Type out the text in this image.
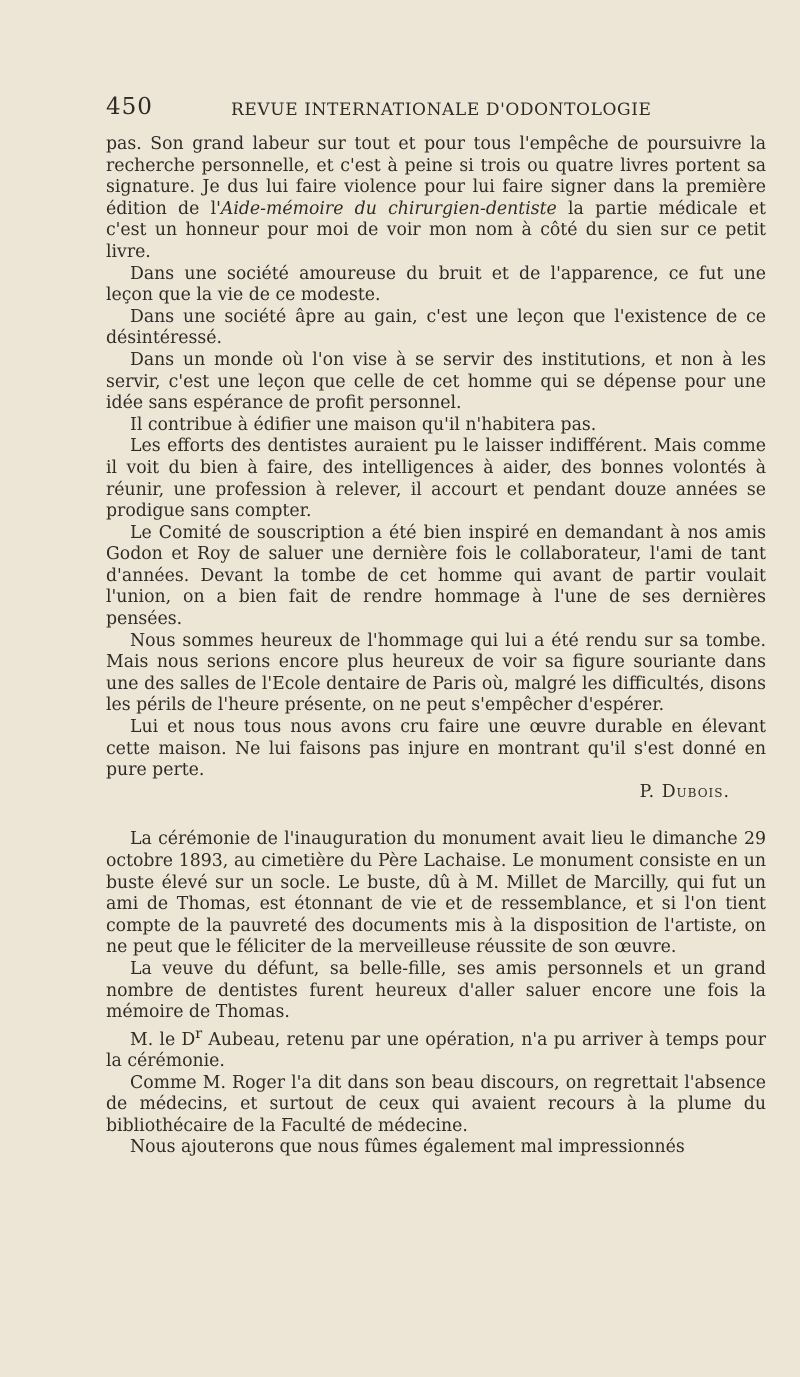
450	REVUE INTERNATIONALE D'ODONTOLOGIE

pas. Son grand labeur sur tout et pour tous l'empêche de poursuivre la recherche personnelle, et c'est à peine si trois ou quatre livres portent sa signature. Je dus lui faire violence pour lui faire signer dans la première édition de l'Aide-mémoire du chirurgien-dentiste la partie médicale et c'est un honneur pour moi de voir mon nom à côté du sien sur ce petit livre.

Dans une société amoureuse du bruit et de l'apparence, ce fut une leçon que la vie de ce modeste.

Dans une société âpre au gain, c'est une leçon que l'existence de ce désintéressé.

Dans un monde où l'on vise à se servir des institutions, et non à les servir, c'est une leçon que celle de cet homme qui se dépense pour une idée sans espérance de profit personnel.

Il contribue à édifier une maison qu'il n'habitera pas.

Les efforts des dentistes auraient pu le laisser indifférent. Mais comme il voit du bien à faire, des intelligences à aider, des bonnes volontés à réunir, une profession à relever, il accourt et pendant douze années se prodigue sans compter.

Le Comité de souscription a été bien inspiré en demandant à nos amis Godon et Roy de saluer une dernière fois le collaborateur, l'ami de tant d'années. Devant la tombe de cet homme qui avant de partir voulait l'union, on a bien fait de rendre hommage à l'une de ses dernières pensées.

Nous sommes heureux de l'hommage qui lui a été rendu sur sa tombe. Mais nous serions encore plus heureux de voir sa figure souriante dans une des salles de l'Ecole dentaire de Paris où, malgré les difficultés, disons les périls de l'heure présente, on ne peut s'empêcher d'espérer.

Lui et nous tous nous avons cru faire une œuvre durable en élevant cette maison. Ne lui faisons pas injure en montrant qu'il s'est donné en pure perte.

P. Dubois.

La cérémonie de l'inauguration du monument avait lieu le dimanche 29 octobre 1893, au cimetière du Père Lachaise. Le monument consiste en un buste élevé sur un socle. Le buste, dû à M. Millet de Marcilly, qui fut un ami de Thomas, est étonnant de vie et de ressemblance, et si l'on tient compte de la pauvreté des documents mis à la disposition de l'artiste, on ne peut que le féliciter de la merveilleuse réussite de son œuvre.

La veuve du défunt, sa belle-fille, ses amis personnels et un grand nombre de dentistes furent heureux d'aller saluer encore une fois la mémoire de Thomas.

M. le $D^r$ Aubeau, retenu par une opération, n'a pu arriver à temps pour la cérémonie.

Comme M. Roger l'a dit dans son beau discours, on regrettait l'absence de médecins, et surtout de ceux qui avaient recours à la plume du bibliothécaire de la Faculté de médecine.

Nous ajouterons que nous fûmes également mal impressionnés
